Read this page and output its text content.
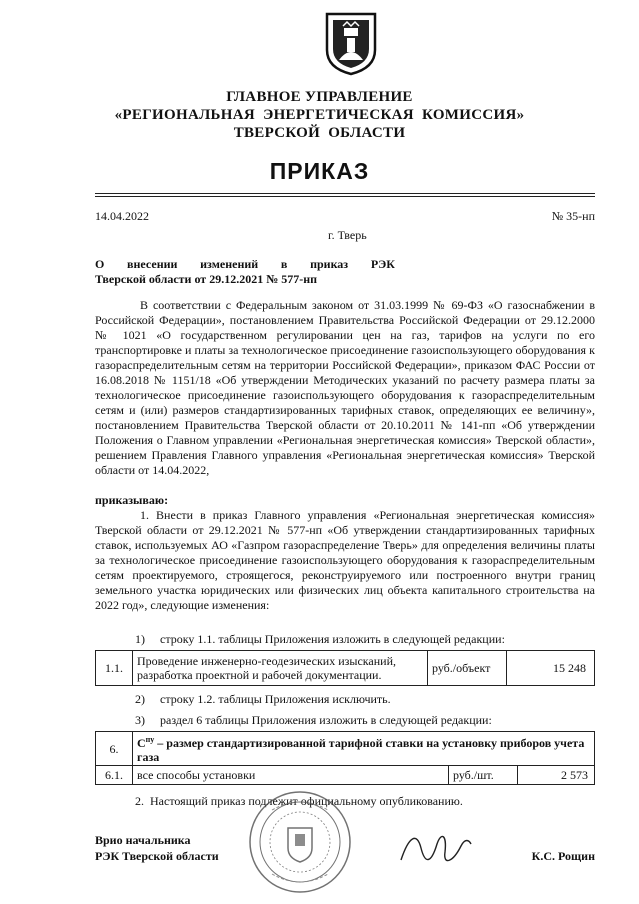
ГЛАВНОЕ УПРАВЛЕНИЕ
«РЕГИОНАЛЬНАЯ  ЭНЕРГЕТИЧЕСКАЯ  КОМИССИЯ»
ТВЕРСКОЙ  ОБЛАСТИ
ПРИКАЗ
14.04.2022	№ 35-нп
г. Тверь
О внесении изменений в приказ РЭК
Тверской области от 29.12.2021 № 577-нп
В соответствии с Федеральным законом от 31.03.1999 № 69-ФЗ «О газоснабжении в Российской Федерации», постановлением Правительства Российской Федерации от 29.12.2000 № 1021 «О государственном регулировании цен на газ, тарифов на услуги по его транспортировке и платы за технологическое присоединение газоиспользующего оборудования к газораспределительным сетям на территории Российской Федерации», приказом ФАС России от 16.08.2018 № 1151/18 «Об утверждении Методических указаний по расчету размера платы за технологическое присоединение газоиспользующего оборудования к газораспределительным сетям и (или) размеров стандартизированных тарифных ставок, определяющих ее величину», постановлением Правительства Тверской области от 20.10.2011 № 141-пп «Об утверждении Положения о Главном управлении «Региональная энергетическая комиссия» Тверской области», решением Правления Главного управления «Региональная энергетическая комиссия» Тверской области от 14.04.2022,
приказываю:
1. Внести в приказ Главного управления «Региональная энергетическая комиссия» Тверской области от 29.12.2021 № 577-нп «Об утверждении стандартизированных тарифных ставок, используемых АО «Газпром газораспределение Тверь» для определения величины платы за технологическое присоединение газоиспользующего оборудования к газораспределительным сетям проектируемого, строящегося, реконструируемого или построенного внутри границ земельного участка юридических или физических лиц объекта капитального строительства на 2022 год», следующие изменения:
1)     строку 1.1. таблицы Приложения изложить в следующей редакции:
1.1.	Проведение инженерно-геодезических изысканий, разработка проектной и рабочей документации.	руб./объект	15 248
2)     строку 1.2. таблицы Приложения исключить.
3)     раздел 6 таблицы Приложения изложить в следующей редакции:
6.	$С^{пу}$ – размер стандартизированной тарифной ставки на установку приборов учета газа		
6.1.	все способы установки	руб./шт.	2 573
2.  Настоящий приказ подлежит официальному опубликованию.
Врио начальника
РЭК Тверской области	К.С. Рощин
